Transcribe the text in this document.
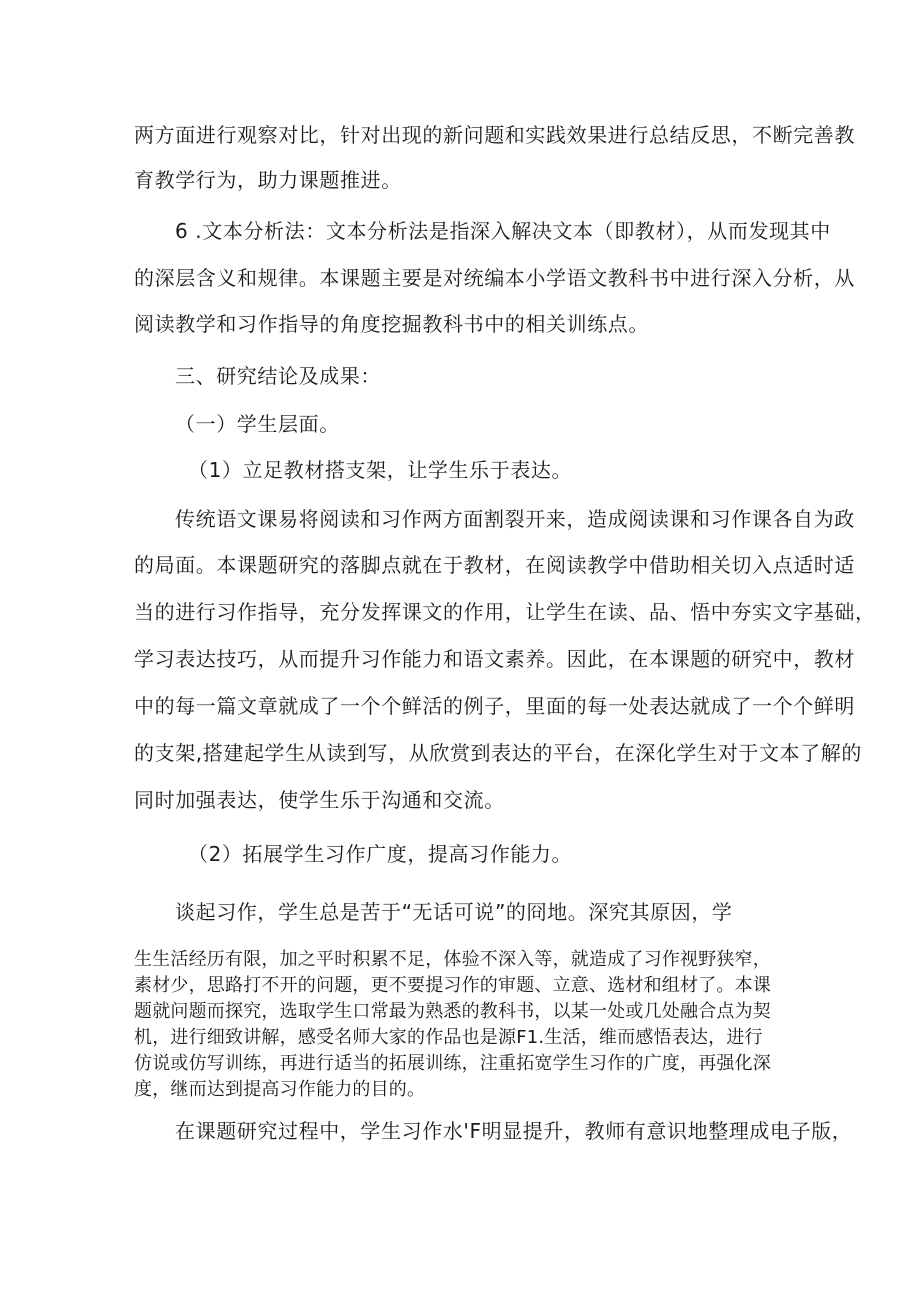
两方面进行观察对比，针对出现的新问题和实践效果进行总结反思，不断完善教
育教学行为，助力课题推进。
6 .文本分析法：文本分析法是指深入解决文本（即教材），从而发现其中
的深层含义和规律。本课题主要是对统编本小学语文教科书中进行深入分析，从
阅读教学和习作指导的角度挖掘教科书中的相关训练点。
三、研究结论及成果：
（一）学生层面。
（1）立足教材搭支架，让学生乐于表达。
传统语文课易将阅读和习作两方面割裂开来，造成阅读课和习作课各自为政
的局面。本课题研究的落脚点就在于教材，在阅读教学中借助相关切入点适时适
当的进行习作指导，充分发挥课文的作用，让学生在读、品、悟中夯实文字基础，
学习表达技巧，从而提升习作能力和语文素养。因此，在本课题的研究中，教材
中的每一篇文章就成了一个个鲜活的例子，里面的每一处表达就成了一个个鲜明
的支架,搭建起学生从读到写，从欣赏到表达的平台，在深化学生对于文本了解的
同时加强表达，使学生乐于沟通和交流。
（2）拓展学生习作广度，提高习作能力。
谈起习作，学生总是苦于“无话可说”的冏地。深究其原因，学
生生活经历有限，加之平时积累不足，体验不深入等，就造成了习作视野狭窄，
素材少，思路打不开的问题，更不要提习作的审题、立意、选材和组材了。本课
题就问题而探究，选取学生口常最为熟悉的教科书，以某一处或几处融合点为契
机，进行细致讲解，感受名师大家的作品也是源F1.生活，维而感悟表达，进行
仿说或仿写训练，再进行适当的拓展训练，注重拓宽学生习作的广度，再强化深
度，继而达到提高习作能力的目的。
在课题研究过程中，学生习作水'F明显提升，教师有意识地整理成电子版，
